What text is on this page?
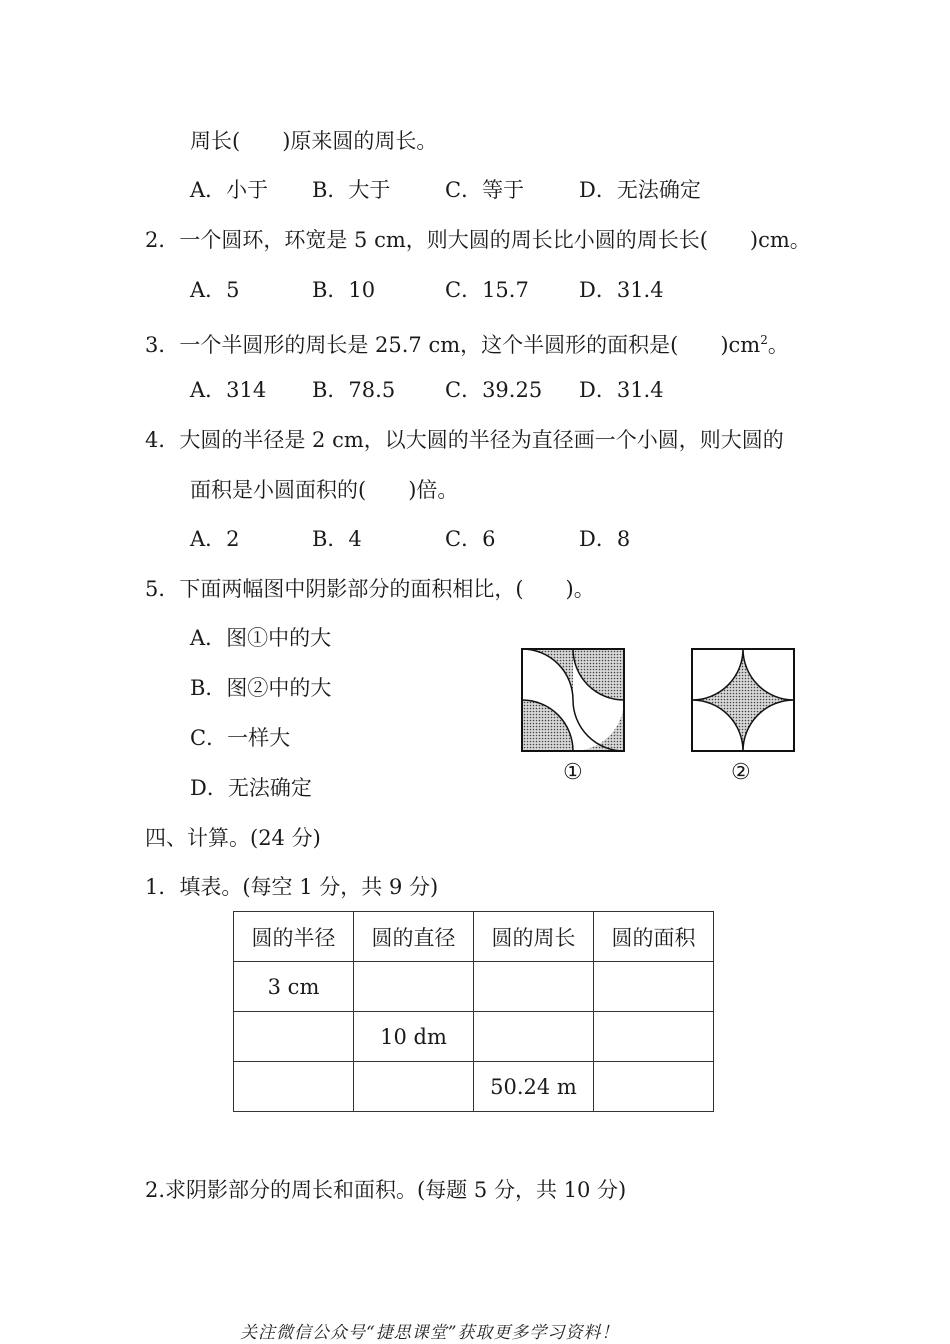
周长(　　)原来圆的周长。
A．小于 B．大于	C．等于	D．无法确定
2．一个圆环，环宽是 5 cm，则大圆的周长比小圆的周长长(　　)cm。
A．5	B．10	C．15.7 D．31.4
3．一个半圆形的周长是 25.7 cm，这个半圆形的面积是(　　)$cm^2$。
A．314 B．78.5 C．39.25 D．31.4
4．大圆的半径是 2 cm，以大圆的半径为直径画一个小圆，则大圆的
面积是小圆面积的(　　)倍。
A．2	B．4	C．6	D．8
5．下面两幅图中阴影部分的面积相比，(　　)。
A．图①中的大
B．图②中的大
C．一样大
D．无法确定
①	②
四、计算。(24 分)
1．填表。(每空 1 分，共 9 分)
圆的半径	圆的直径	圆的周长	圆的面积
3 cm			
	10 dm		
		50.24 m	
2.求阴影部分的周长和面积。(每题 5 分，共 10 分)
关注微信公众号“捷思课堂”获取更多学习资料！
